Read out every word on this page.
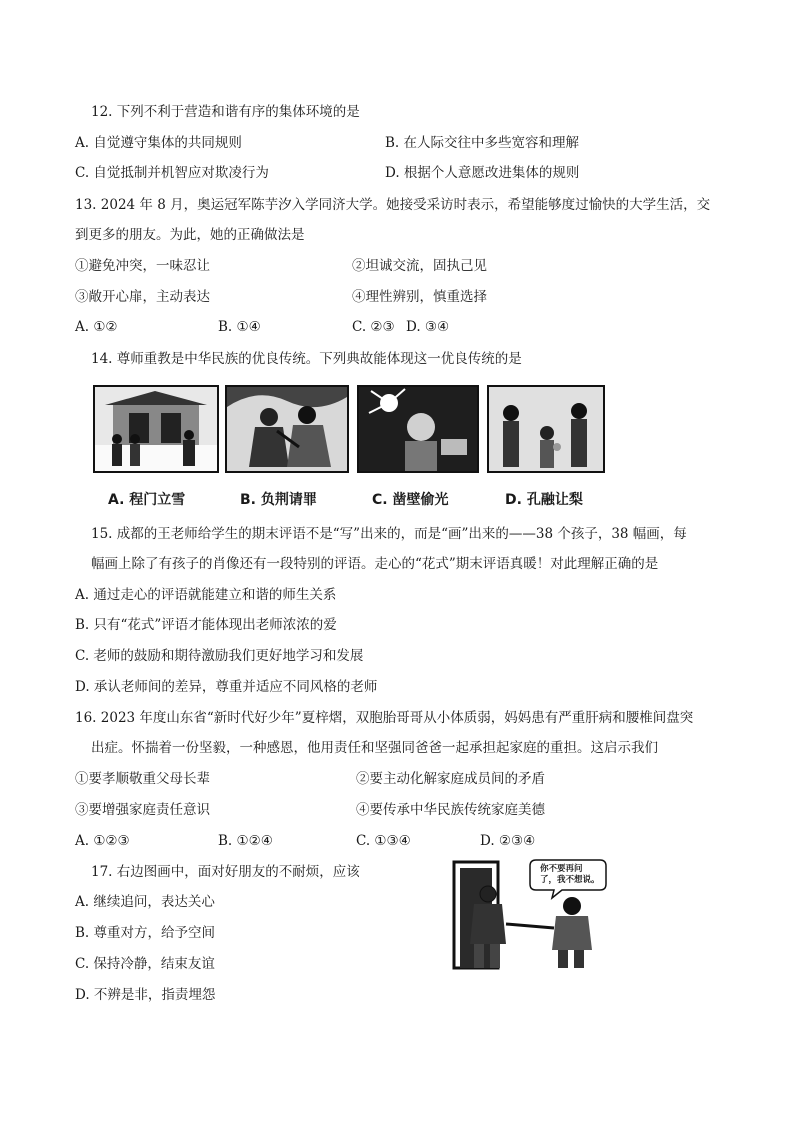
12. 下列不利于营造和谐有序的集体环境的是
A. 自觉遵守集体的共同规则	B. 在人际交往中多些宽容和理解
C. 自觉抵制并机智应对欺凌行为	D. 根据个人意愿改进集体的规则
13. 2024 年 8 月，奥运冠军陈芋汐入学同济大学。她接受采访时表示，希望能够度过愉快的大学生活，交
到更多的朋友。为此，她的正确做法是
①避免冲突，一味忍让	②坦诚交流，固执己见
③敞开心扉，主动表达	④理性辨别，慎重选择
A. ①②	B. ①④	C. ②③ D. ③④
14. 尊师重教是中华民族的优良传统。下列典故能体现这一优良传统的是
A. 程门立雪	B. 负荆请罪	C. 凿壁偷光	D. 孔融让梨
15. 成都的王老师给学生的期末评语不是“写”出来的，而是“画”出来的——38 个孩子，38 幅画，每
幅画上除了有孩子的肖像还有一段特别的评语。走心的“花式”期末评语真暖！对此理解正确的是
A. 通过走心的评语就能建立和谐的师生关系
B. 只有“花式”评语才能体现出老师浓浓的爱
C. 老师的鼓励和期待激励我们更好地学习和发展
D. 承认老师间的差异，尊重并适应不同风格的老师
16. 2023 年度山东省“新时代好少年”夏梓熠，双胞胎哥哥从小体质弱，妈妈患有严重肝病和腰椎间盘突
出症。怀揣着一份坚毅，一种感恩，他用责任和坚强同爸爸一起承担起家庭的重担。这启示我们
①要孝顺敬重父母长辈	②要主动化解家庭成员间的矛盾
③要增强家庭责任意识	④要传承中华民族传统家庭美德
A. ①②③	B. ①②④	C. ①③④	D. ②③④
17. 右边图画中，面对好朋友的不耐烦，应该
A. 继续追问，表达关心
B. 尊重对方，给予空间
C. 保持冷静，结束友谊
D. 不辨是非，指责埋怨
你不要再问
了，我不想说。
